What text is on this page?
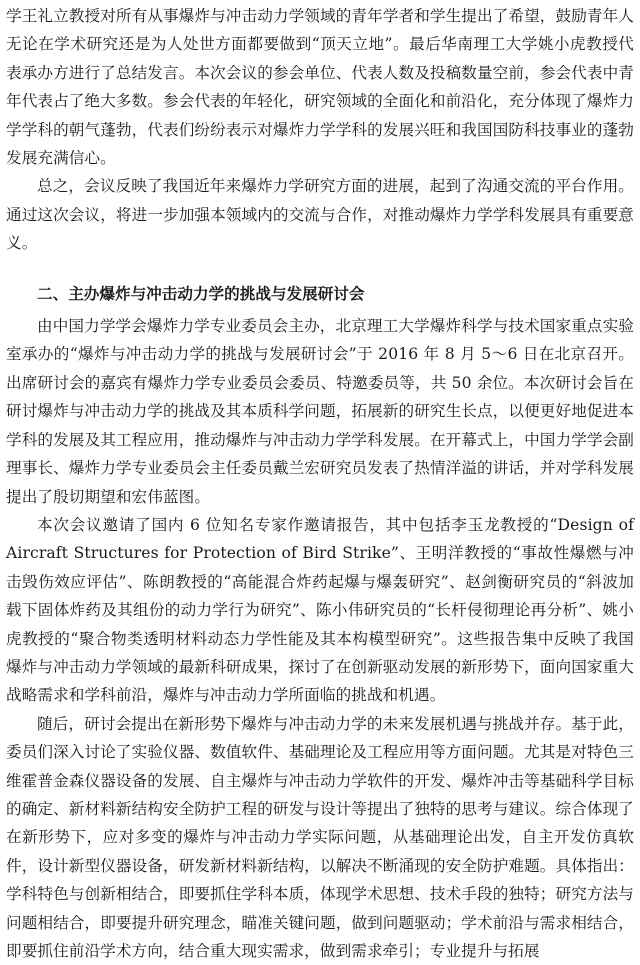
学王礼立教授对所有从事爆炸与冲击动力学领域的青年学者和学生提出了希望，鼓励青年人无论在学术研究还是为人处世方面都要做到“顶天立地”。最后华南理工大学姚小虎教授代表承办方进行了总结发言。本次会议的参会单位、代表人数及投稿数量空前，参会代表中青年代表占了绝大多数。参会代表的年轻化，研究领域的全面化和前沿化，充分体现了爆炸力学学科的朝气蓬勃，代表们纷纷表示对爆炸力学学科的发展兴旺和我国国防科技事业的蓬勃发展充满信心。

总之，会议反映了我国近年来爆炸力学研究方面的进展，起到了沟通交流的平台作用。通过这次会议，将进一步加强本领域内的交流与合作，对推动爆炸力学学科发展具有重要意义。

二、主办爆炸与冲击动力学的挑战与发展研讨会

由中国力学学会爆炸力学专业委员会主办，北京理工大学爆炸科学与技术国家重点实验室承办的“爆炸与冲击动力学的挑战与发展研讨会”于 2016 年 8 月 5～6 日在北京召开。出席研讨会的嘉宾有爆炸力学专业委员会委员、特邀委员等，共 50 余位。本次研讨会旨在研讨爆炸与冲击动力学的挑战及其本质科学问题，拓展新的研究生长点，以便更好地促进本学科的发展及其工程应用，推动爆炸与冲击动力学学科发展。在开幕式上，中国力学学会副理事长、爆炸力学专业委员会主任委员戴兰宏研究员发表了热情洋溢的讲话，并对学科发展提出了殷切期望和宏伟蓝图。

本次会议邀请了国内 6 位知名专家作邀请报告，其中包括李玉龙教授的“Design of Aircraft Structures for Protection of Bird Strike”、王明洋教授的“事故性爆燃与冲击毁伤效应评估”、陈朗教授的“高能混合炸药起爆与爆轰研究”、赵剑衡研究员的“斜波加载下固体炸药及其组份的动力学行为研究”、陈小伟研究员的“长杆侵彻理论再分析”、姚小虎教授的“聚合物类透明材料动态力学性能及其本构模型研究”。这些报告集中反映了我国爆炸与冲击动力学领域的最新科研成果，探讨了在创新驱动发展的新形势下，面向国家重大战略需求和学科前沿，爆炸与冲击动力学所面临的挑战和机遇。

随后，研讨会提出在新形势下爆炸与冲击动力学的未来发展机遇与挑战并存。基于此，委员们深入讨论了实验仪器、数值软件、基础理论及工程应用等方面问题。尤其是对特色三维霍普金森仪器设备的发展、自主爆炸与冲击动力学软件的开发、爆炸冲击等基础科学目标的确定、新材料新结构安全防护工程的研发与设计等提出了独特的思考与建议。综合体现了在新形势下，应对多变的爆炸与冲击动力学实际问题，从基础理论出发，自主开发仿真软件，设计新型仪器设备，研发新材料新结构，以解决不断涌现的安全防护难题。具体指出：学科特色与创新相结合，即要抓住学科本质，体现学术思想、技术手段的独特；研究方法与问题相结合，即要提升研究理念，瞄准关键问题，做到问题驱动；学术前沿与需求相结合，即要抓住前沿学术方向，结合重大现实需求，做到需求牵引；专业提升与拓展
